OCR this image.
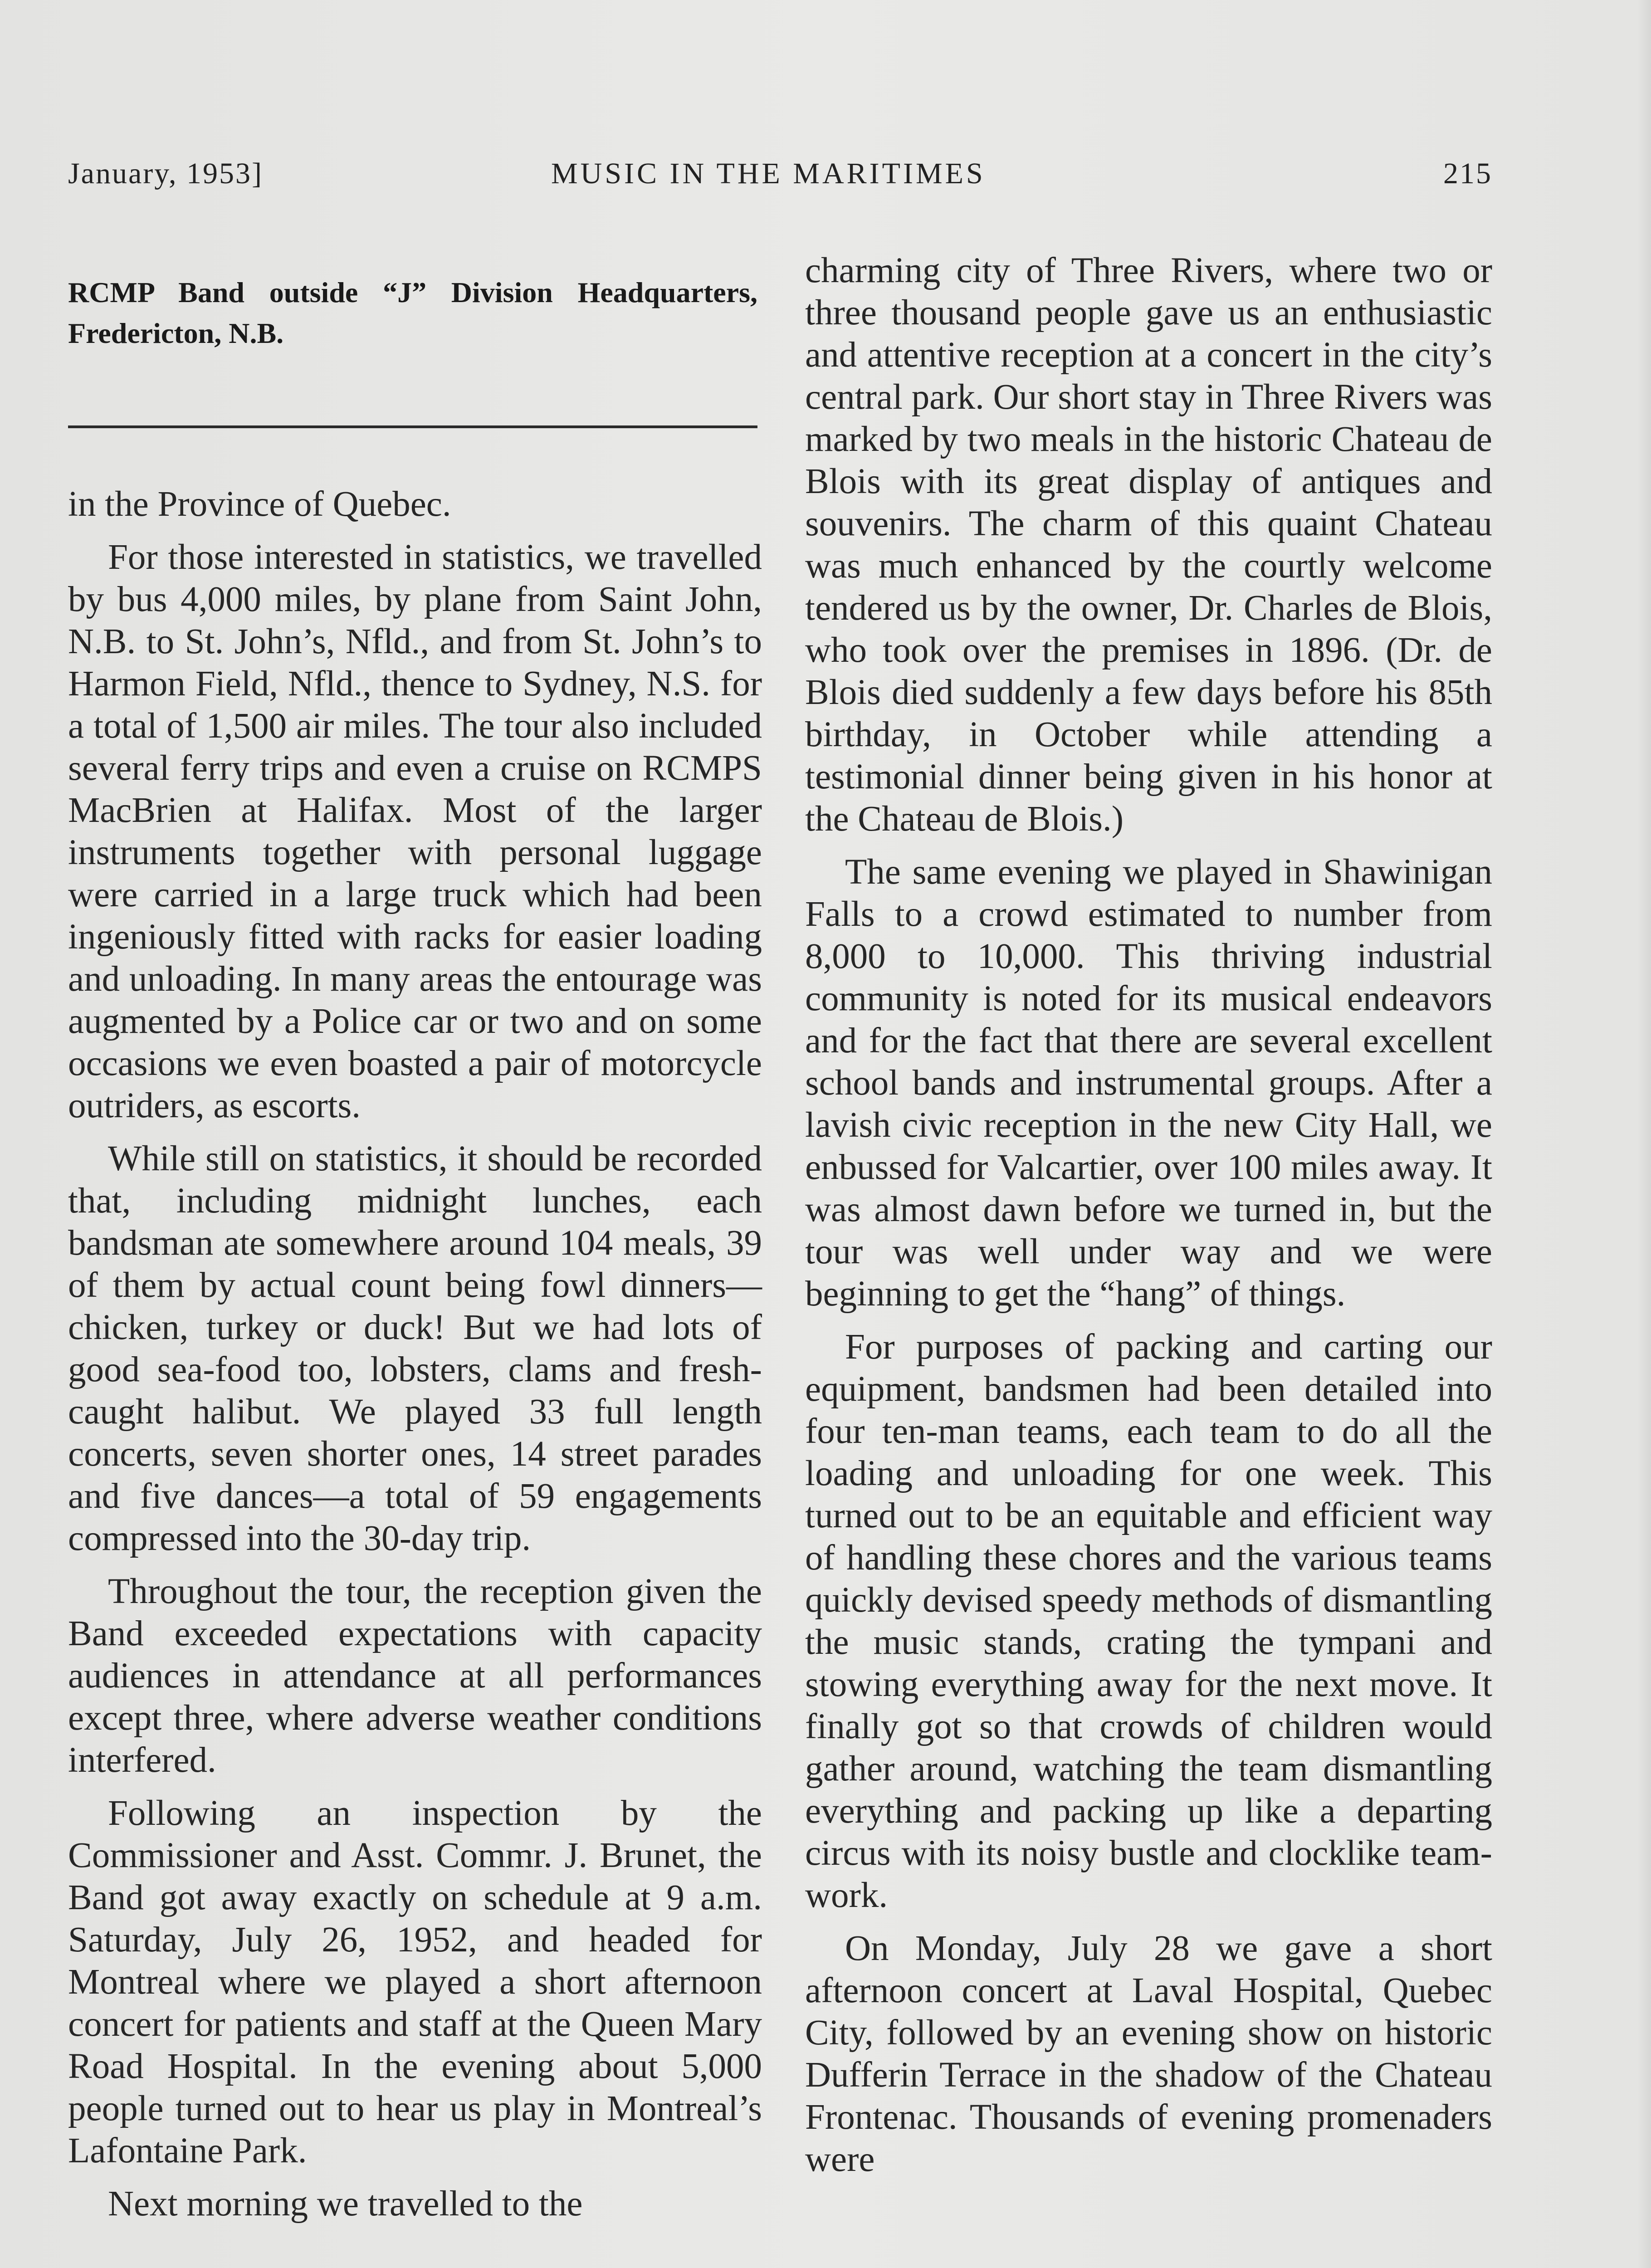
January, 1953]	MUSIC IN THE MARITIMES	215
RCMP Band outside “J” Division Headquarters, Fredericton, N.B.

in the Province of Quebec.

For those interested in statistics, we travelled by bus 4,000 miles, by plane from Saint John, N.B. to St. John’s, Nfld., and from St. John’s to Harmon Field, Nfld., thence to Sydney, N.S. for a total of 1,500 air miles. The tour also included several ferry trips and even a cruise on RCMPS MacBrien at Halifax. Most of the larger instruments together with personal luggage were carried in a large truck which had been ingeniously fitted with racks for easier loading and unloading. In many areas the entourage was augmented by a Police car or two and on some occasions we even boasted a pair of motorcycle outriders, as escorts.

While still on statistics, it should be recorded that, including midnight lunches, each bandsman ate somewhere around 104 meals, 39 of them by actual count being fowl dinners—chicken, turkey or duck! But we had lots of good sea-food too, lobsters, clams and fresh-caught halibut. We played 33 full length concerts, seven shorter ones, 14 street parades and five dances—a total of 59 engagements compressed into the 30-day trip.

Throughout the tour, the reception given the Band exceeded expectations with capacity audiences in attendance at all performances except three, where adverse weather conditions interfered.

Following an inspection by the Commissioner and Asst. Commr. J. Brunet, the Band got away exactly on schedule at 9 a.m. Saturday, July 26, 1952, and headed for Montreal where we played a short afternoon concert for patients and staff at the Queen Mary Road Hospital. In the evening about 5,000 people turned out to hear us play in Montreal’s Lafontaine Park.

Next morning we travelled to the

charming city of Three Rivers, where two or three thousand people gave us an enthusiastic and attentive reception at a concert in the city’s central park. Our short stay in Three Rivers was marked by two meals in the historic Chateau de Blois with its great display of antiques and souvenirs. The charm of this quaint Chateau was much enhanced by the courtly welcome tendered us by the owner, Dr. Charles de Blois, who took over the premises in 1896. (Dr. de Blois died suddenly a few days before his 85th birthday, in October while attending a testimonial dinner being given in his honor at the Chateau de Blois.)

The same evening we played in Shawinigan Falls to a crowd estimated to number from 8,000 to 10,000. This thriving industrial community is noted for its musical endeavors and for the fact that there are several excellent school bands and instrumental groups. After a lavish civic reception in the new City Hall, we enbussed for Valcartier, over 100 miles away. It was almost dawn before we turned in, but the tour was well under way and we were beginning to get the “hang” of things.

For purposes of packing and carting our equipment, bandsmen had been detailed into four ten-man teams, each team to do all the loading and unloading for one week. This turned out to be an equitable and efficient way of handling these chores and the various teams quickly devised speedy methods of dismantling the music stands, crating the tympani and stowing everything away for the next move. It finally got so that crowds of children would gather around, watching the team dismantling everything and packing up like a departing circus with its noisy bustle and clocklike team-work.

On Monday, July 28 we gave a short afternoon concert at Laval Hospital, Quebec City, followed by an evening show on historic Dufferin Terrace in the shadow of the Chateau Frontenac. Thousands of evening promenaders were
